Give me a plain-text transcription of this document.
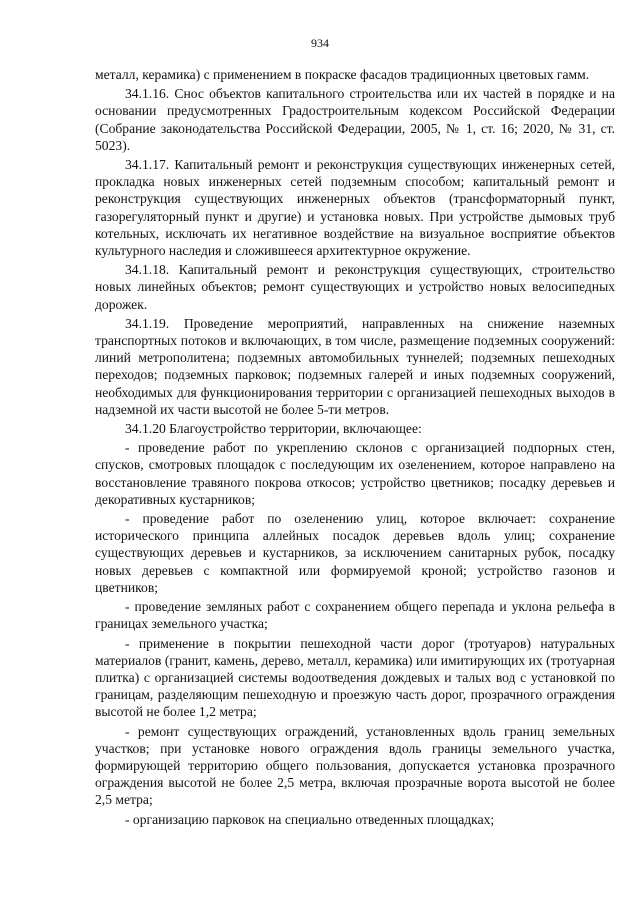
934

металл, керамика) с применением в покраске фасадов традиционных цветовых гамм.

34.1.16. Снос объектов капитального строительства или их частей в порядке и на основании предусмотренных Градостроительным кодексом Российской Федерации (Собрание законодательства Российской Федерации, 2005, № 1, ст. 16; 2020, № 31, ст. 5023).

34.1.17. Капитальный ремонт и реконструкция существующих инженерных сетей, прокладка новых инженерных сетей подземным способом; капитальный ремонт и реконструкция существующих инженерных объектов (трансформаторный пункт, газорегуляторный пункт и другие) и установка новых. При устройстве дымовых труб котельных, исключать их негативное воздействие на визуальное восприятие объектов культурного наследия и сложившееся архитектурное окружение.

34.1.18. Капитальный ремонт и реконструкция существующих, строительство новых линейных объектов; ремонт существующих и устройство новых велосипедных дорожек.

34.1.19. Проведение мероприятий, направленных на снижение наземных транспортных потоков и включающих, в том числе, размещение подземных сооружений: линий метрополитена; подземных автомобильных туннелей; подземных пешеходных переходов; подземных парковок; подземных галерей и иных подземных сооружений, необходимых для функционирования территории с организацией пешеходных выходов в надземной их части высотой не более 5-ти метров.

34.1.20 Благоустройство территории, включающее:

- проведение работ по укреплению склонов с организацией подпорных стен, спусков, смотровых площадок с последующим их озеленением, которое направлено на восстановление травяного покрова откосов; устройство цветников; посадку деревьев и декоративных кустарников;

- проведение работ по озеленению улиц, которое включает: сохранение исторического принципа аллейных посадок деревьев вдоль улиц; сохранение существующих деревьев и кустарников, за исключением санитарных рубок, посадку новых деревьев с компактной или формируемой кроной; устройство газонов и цветников;

- проведение земляных работ с сохранением общего перепада и уклона рельефа в границах земельного участка;

- применение в покрытии пешеходной части дорог (тротуаров) натуральных материалов (гранит, камень, дерево, металл, керамика) или имитирующих их (тротуарная плитка) с организацией системы водоотведения дождевых и талых вод с установкой по границам, разделяющим пешеходную и проезжую часть дорог, прозрачного ограждения высотой не более 1,2 метра;

- ремонт существующих ограждений, установленных вдоль границ земельных участков; при установке нового ограждения вдоль границы земельного участка, формирующей территорию общего пользования, допускается установка прозрачного ограждения высотой не более 2,5 метра, включая прозрачные ворота высотой не более 2,5 метра;

- организацию парковок на специально отведенных площадках;
